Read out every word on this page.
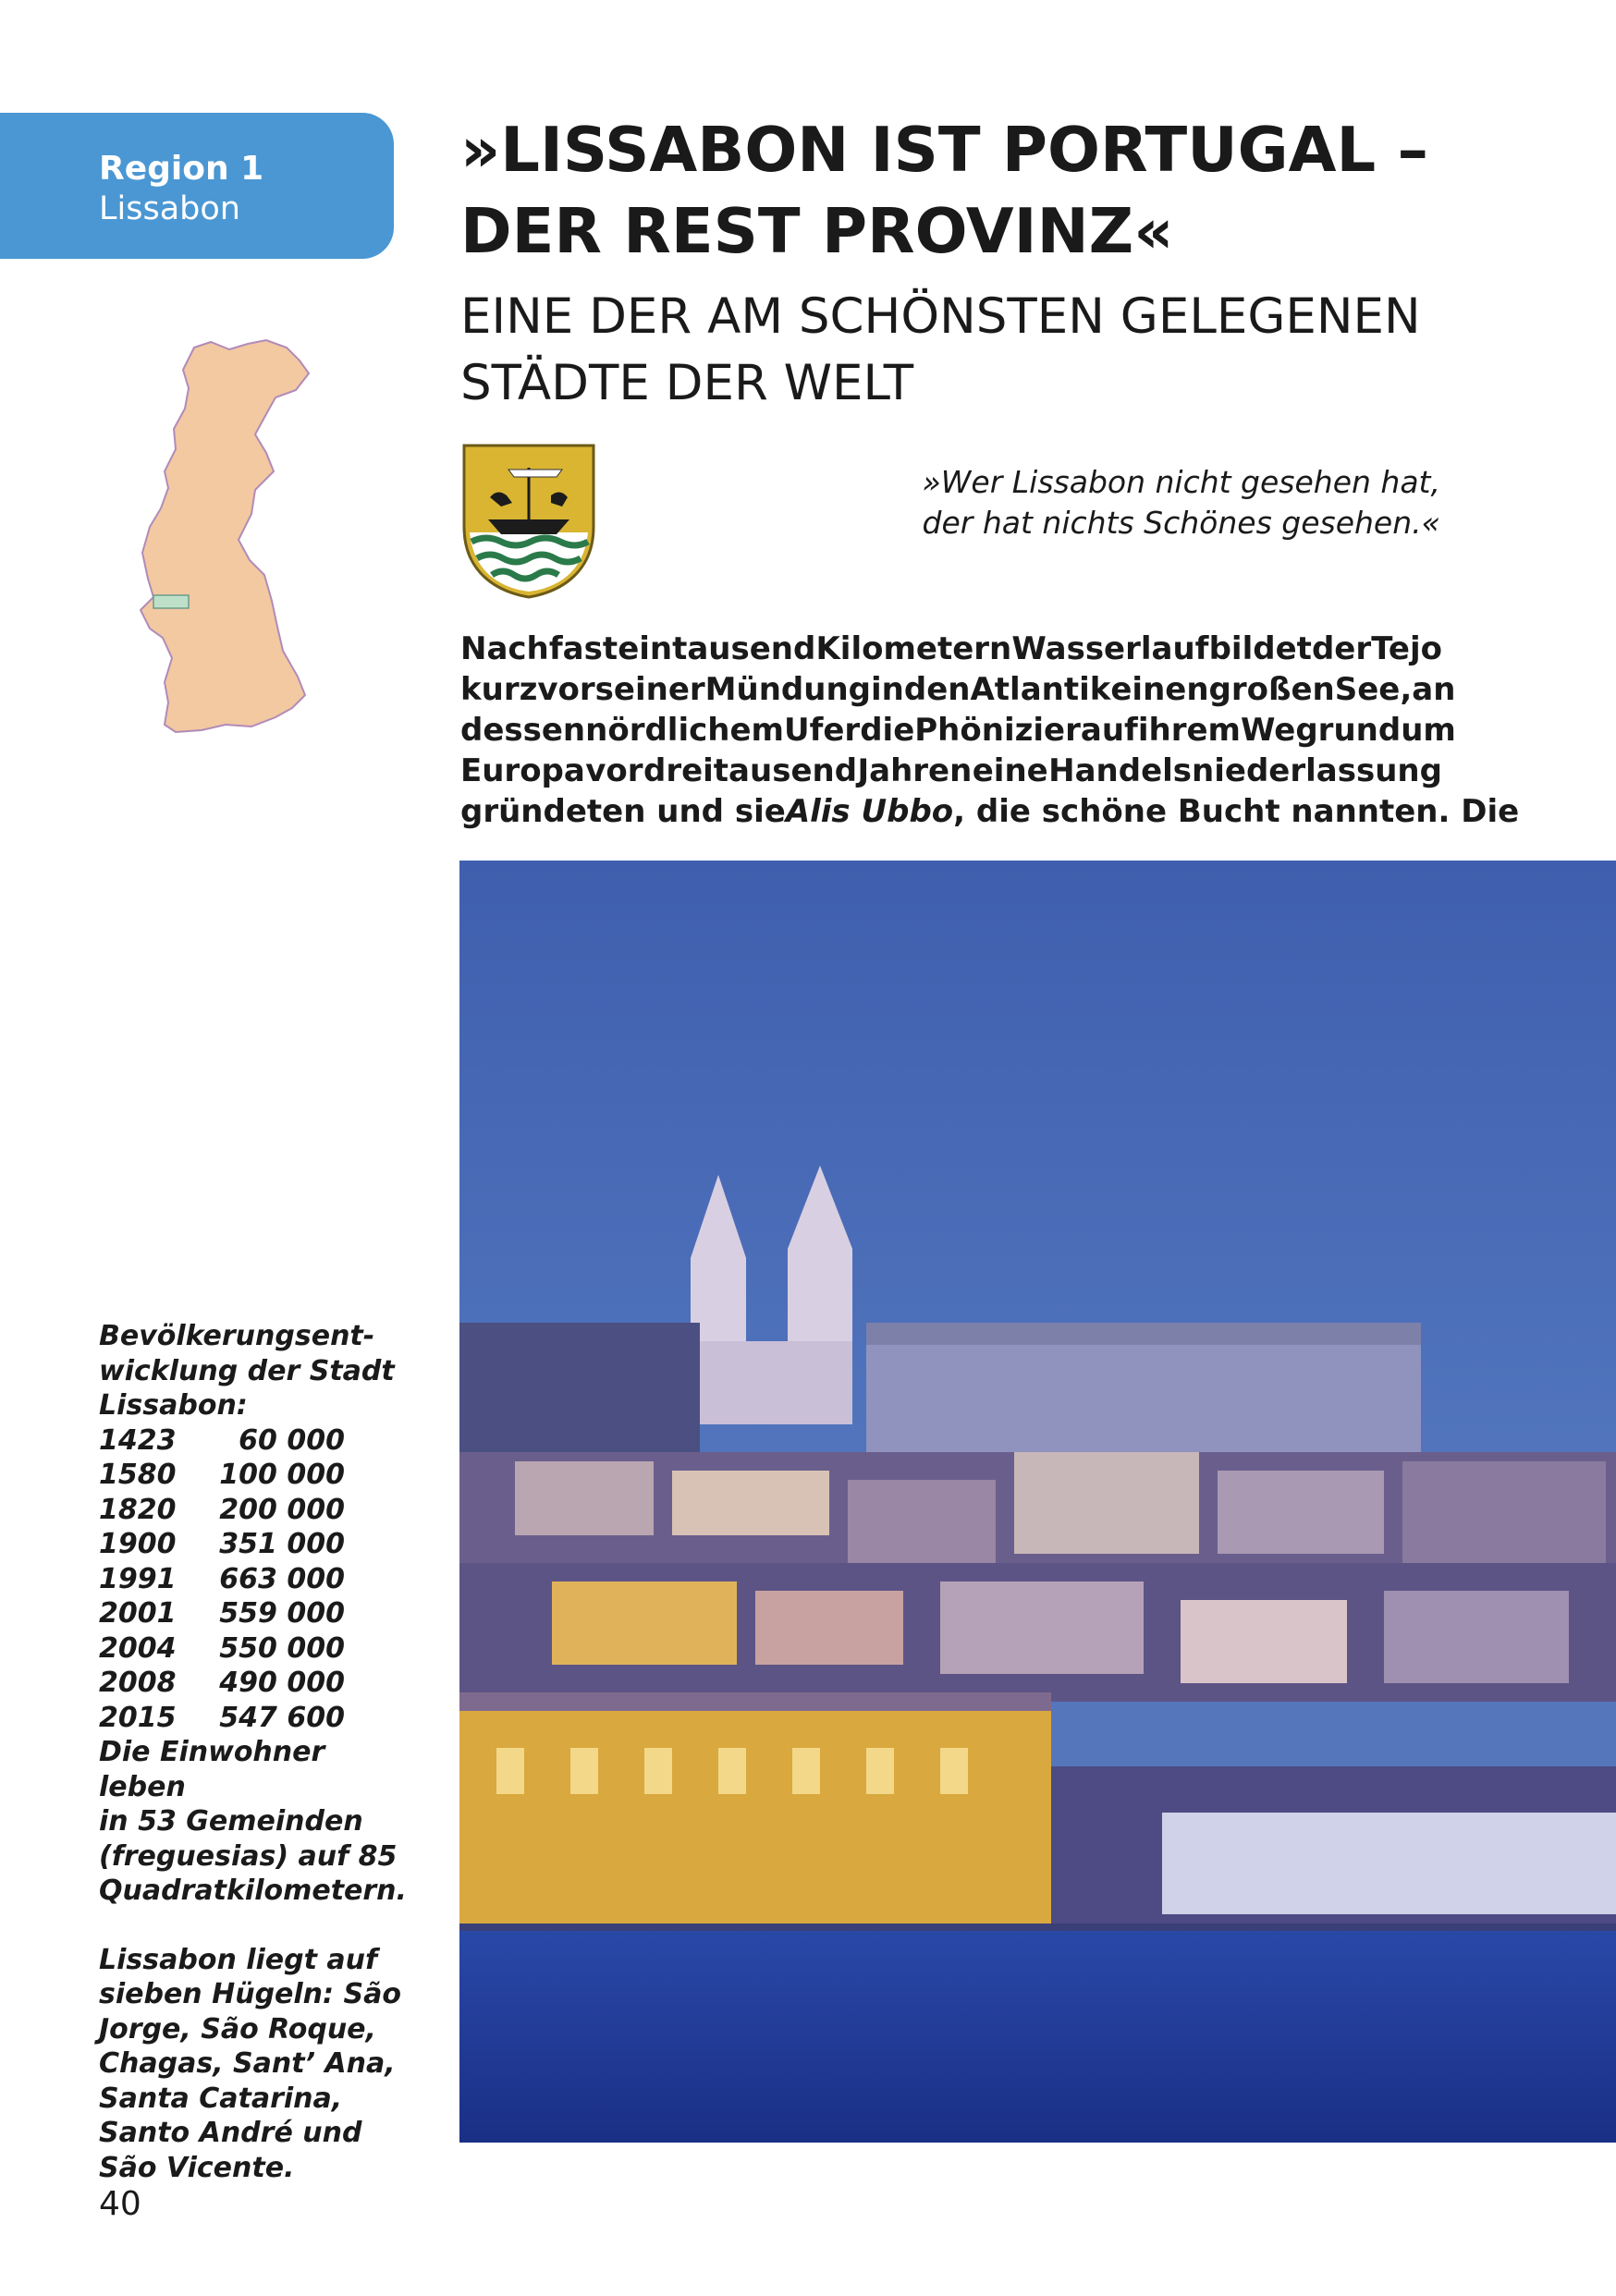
Region 1
Lissabon
»LISSABON IST PORTUGAL –
DER REST PROVINZ«
EINE DER AM SCHÖNSTEN GELEGENEN
STÄDTE DER WELT
»Wer Lissabon nicht gesehen hat,
der hat nichts Schönes gesehen.«
Nach fast eintausend Kilometern Wasserlauf bildet der Tejo
kurz vor seiner Mündung in den Atlantik einen großen See, an
dessen nördlichem Ufer die Phönizier auf ihrem Weg rund um
Europa vor dreitausend Jahren eine Handelsniederlassung
gründeten und sie Alis Ubbo , die schöne Bucht nannten. Die

Bevölkerungsent-

wicklung der Stadt

Lissabon:

1423	60 000
1580	100 000
1820	200 000
1900	351 000
1991	663 000
2001	559 000
2004	550 000
2008	490 000
2015	547 600

Die Einwohner leben

in 53 Gemeinden

(freguesias) auf 85

Quadratkilometern.

Lissabon liegt auf

sieben Hügeln: São

Jorge, São Roque,

Chagas, Sant’ Ana,

Santa Catarina,

Santo André und

São Vicente.

40
